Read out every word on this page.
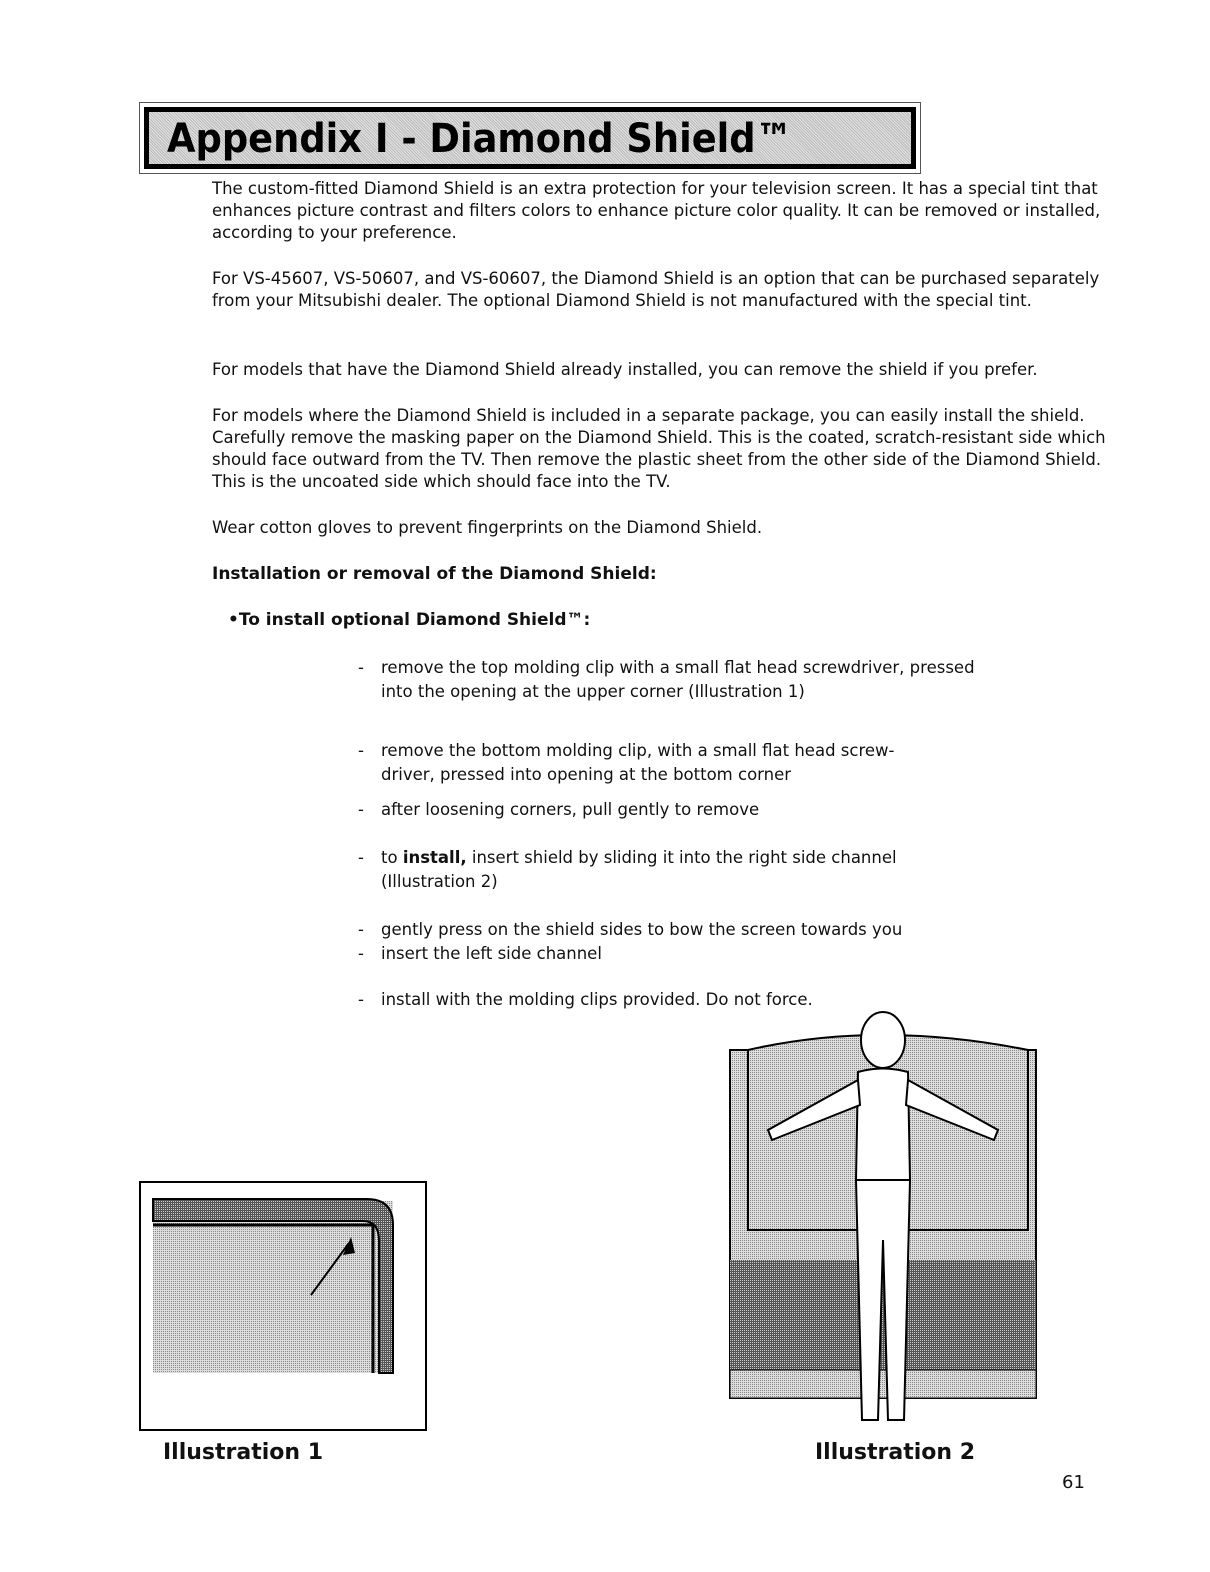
Appendix I - Diamond Shield™
The custom-fitted Diamond Shield is an extra protection for your television screen. It has a special tint that enhances picture contrast and filters colors to enhance picture color quality. It can be removed or installed, according to your preference.
For VS-45607, VS-50607, and VS-60607, the Diamond Shield is an option that can be purchased separately from your Mitsubishi dealer. The optional Diamond Shield is not manufactured with the special tint.
For models that have the Diamond Shield already installed, you can remove the shield if you prefer.
For models where the Diamond Shield is included in a separate package, you can easily install the shield. Carefully remove the masking paper on the Diamond Shield. This is the coated, scratch-resistant side which should face outward from the TV. Then remove the plastic sheet from the other side of the Diamond Shield. This is the uncoated side which should face into the TV.
Wear cotton gloves to prevent fingerprints on the Diamond Shield.
Installation or removal of the Diamond Shield:
•To install optional Diamond Shield™:
- remove the top molding clip with a small flat head screwdriver, pressed into the opening at the upper corner (Illustration 1)
- remove the bottom molding clip, with a small flat head screw-driver, pressed into opening at the bottom corner
- after loosening corners, pull gently to remove
- to install, insert shield by sliding it into the right side channel (Illustration 2)
- gently press on the shield sides to bow the screen towards you
- insert the left side channel
- install with the molding clips provided. Do not force.
Illustration 1	Illustration 2
61
